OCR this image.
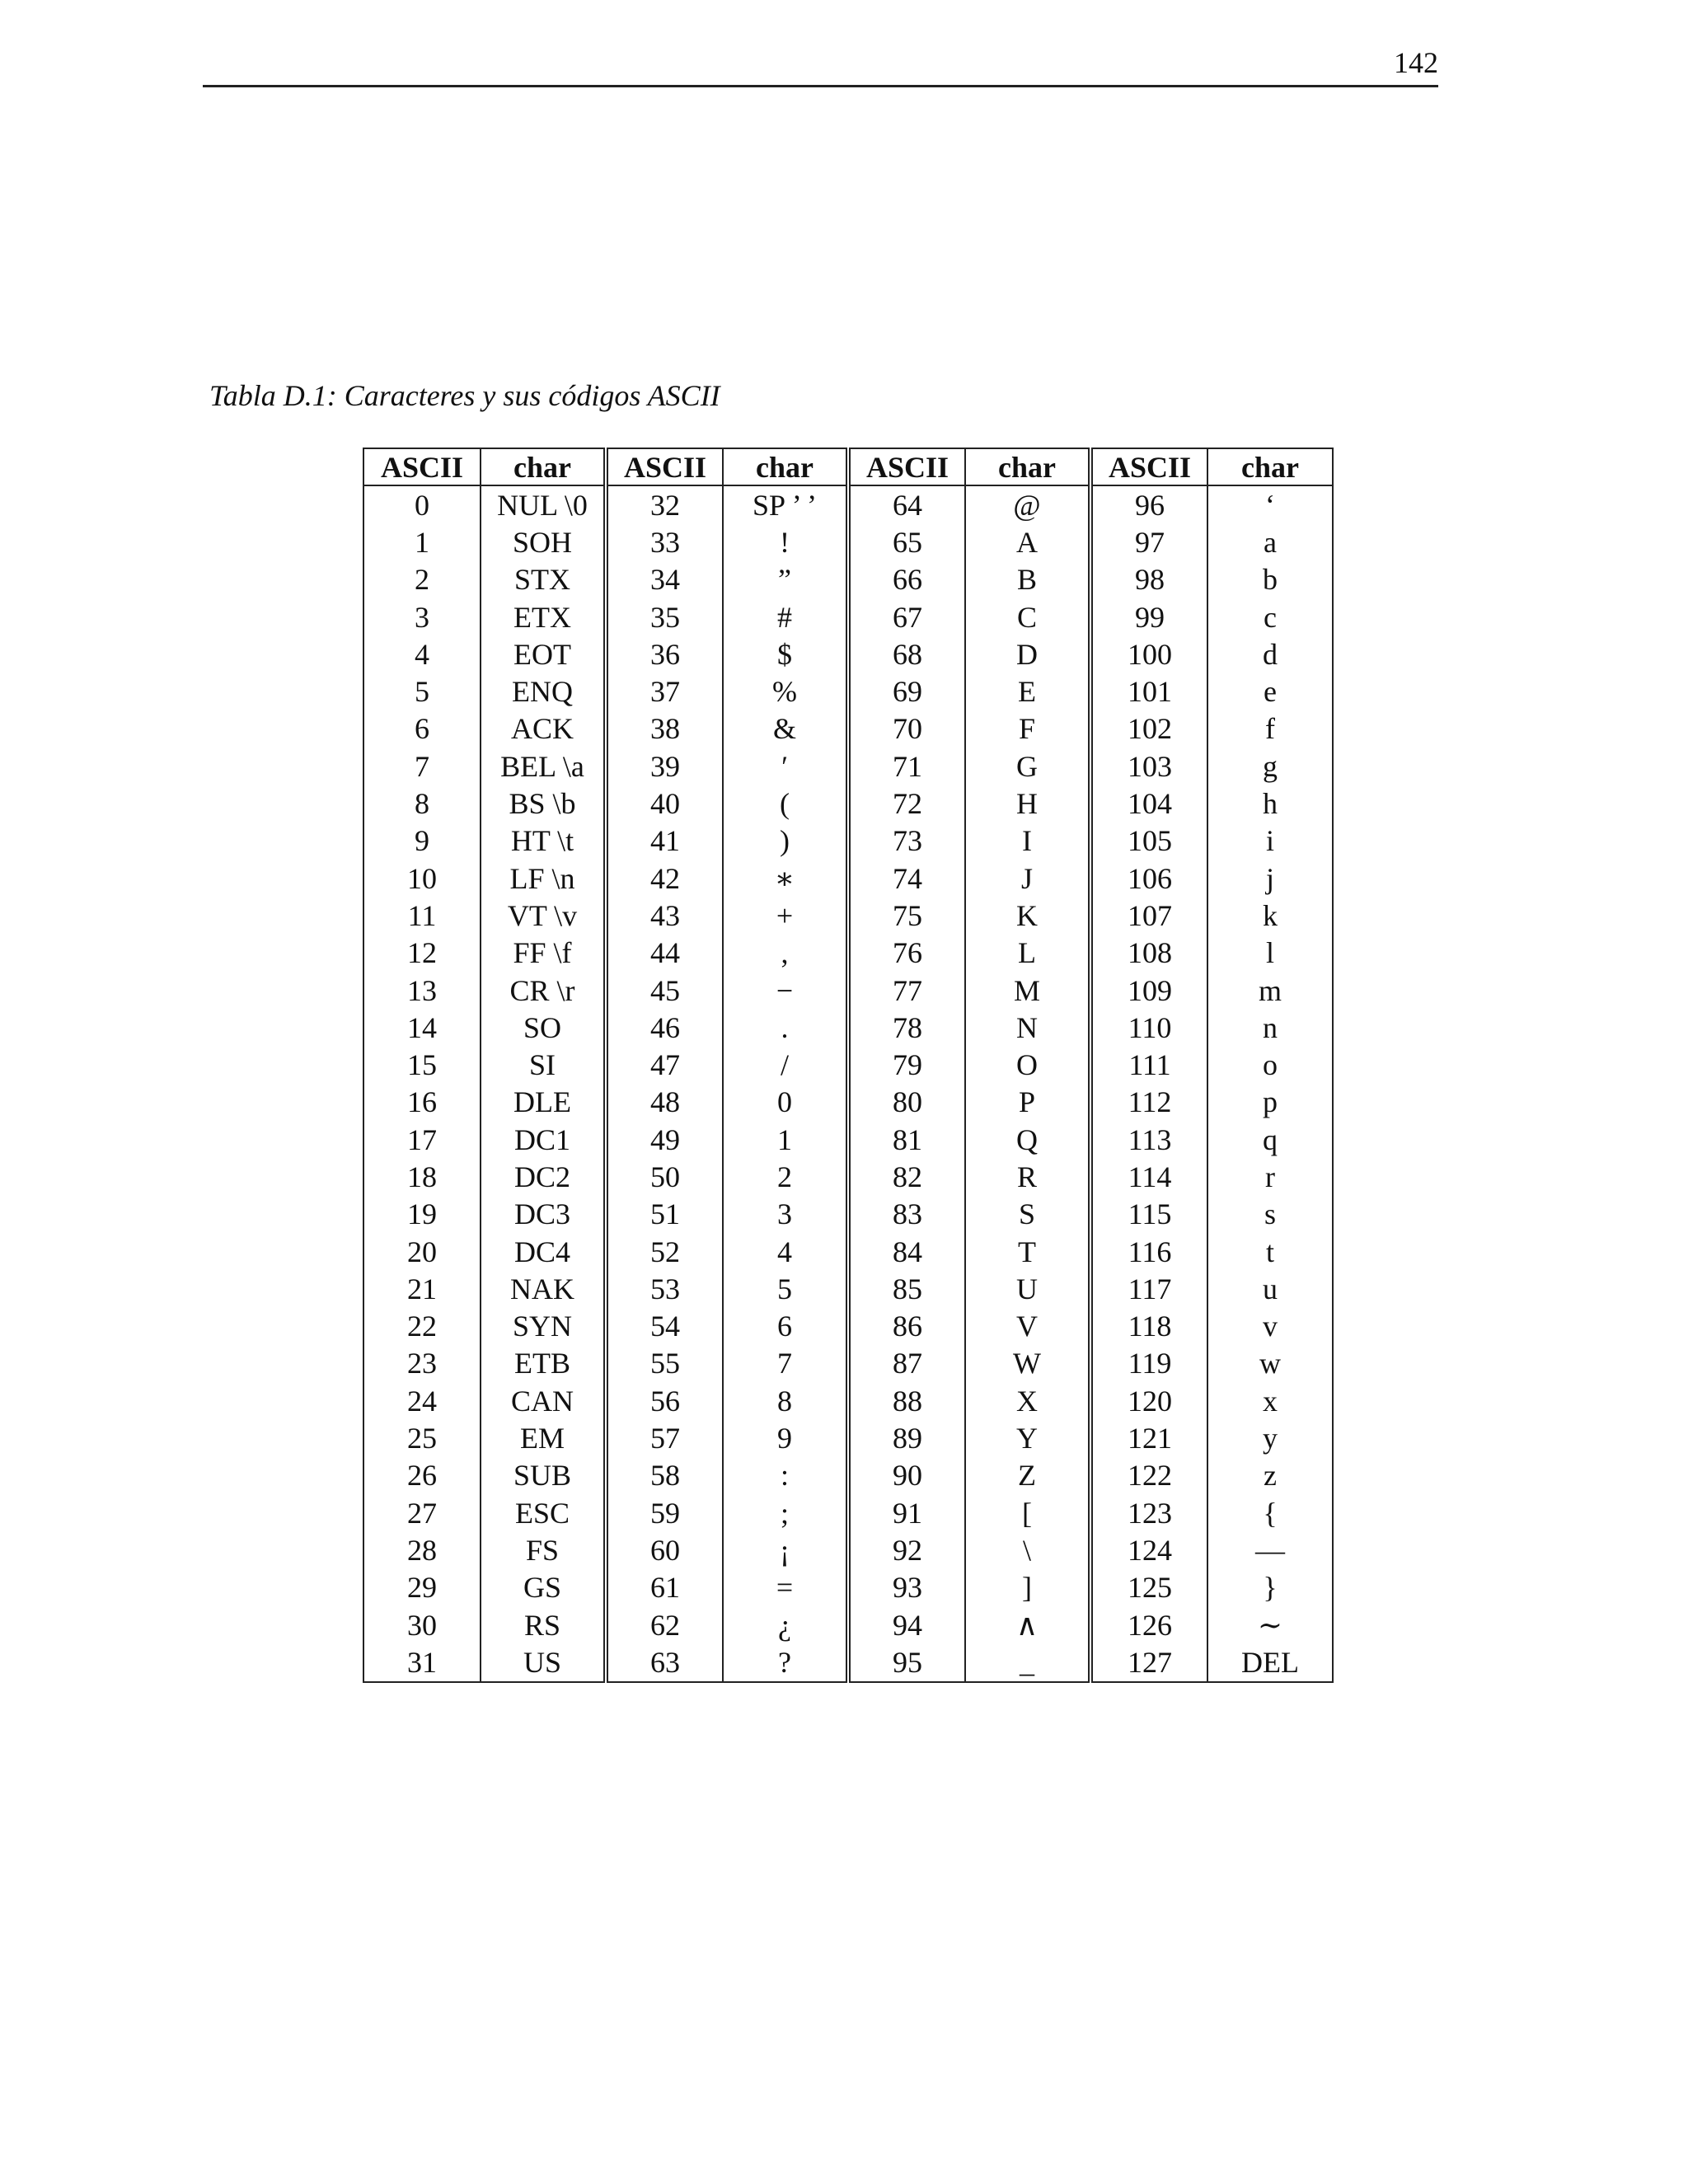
142
Tabla D.1: Caracteres y sus códigos ASCII
ASCII	char	ASCII	char	ASCII	char	ASCII	char
0	NUL \0	32	SP ’ ’	64	@	96	‘
1	SOH	33	!	65	A	97	a
2	STX	34	”	66	B	98	b
3	ETX	35	#	67	C	99	c
4	EOT	36	$	68	D	100	d
5	ENQ	37	%	69	E	101	e
6	ACK	38	&	70	F	102	f
7	BEL \a	39	′	71	G	103	g
8	BS \b	40	(	72	H	104	h
9	HT \t	41	)	73	I	105	i
10	LF \n	42	∗	74	J	106	j
11	VT \v	43	+	75	K	107	k
12	FF \f	44	,	76	L	108	l
13	CR \r	45	−	77	M	109	m
14	SO	46	.	78	N	110	n
15	SI	47	/	79	O	111	o
16	DLE	48	0	80	P	112	p
17	DC1	49	1	81	Q	113	q
18	DC2	50	2	82	R	114	r
19	DC3	51	3	83	S	115	s
20	DC4	52	4	84	T	116	t
21	NAK	53	5	85	U	117	u
22	SYN	54	6	86	V	118	v
23	ETB	55	7	87	W	119	w
24	CAN	56	8	88	X	120	x
25	EM	57	9	89	Y	121	y
26	SUB	58	:	90	Z	122	z
27	ESC	59	;	91	[	123	{
28	FS	60	¡	92	\	124	—
29	GS	61	=	93	]	125	}
30	RS	62	¿	94	∧	126	∼
31	US	63	?	95	_	127	DEL
